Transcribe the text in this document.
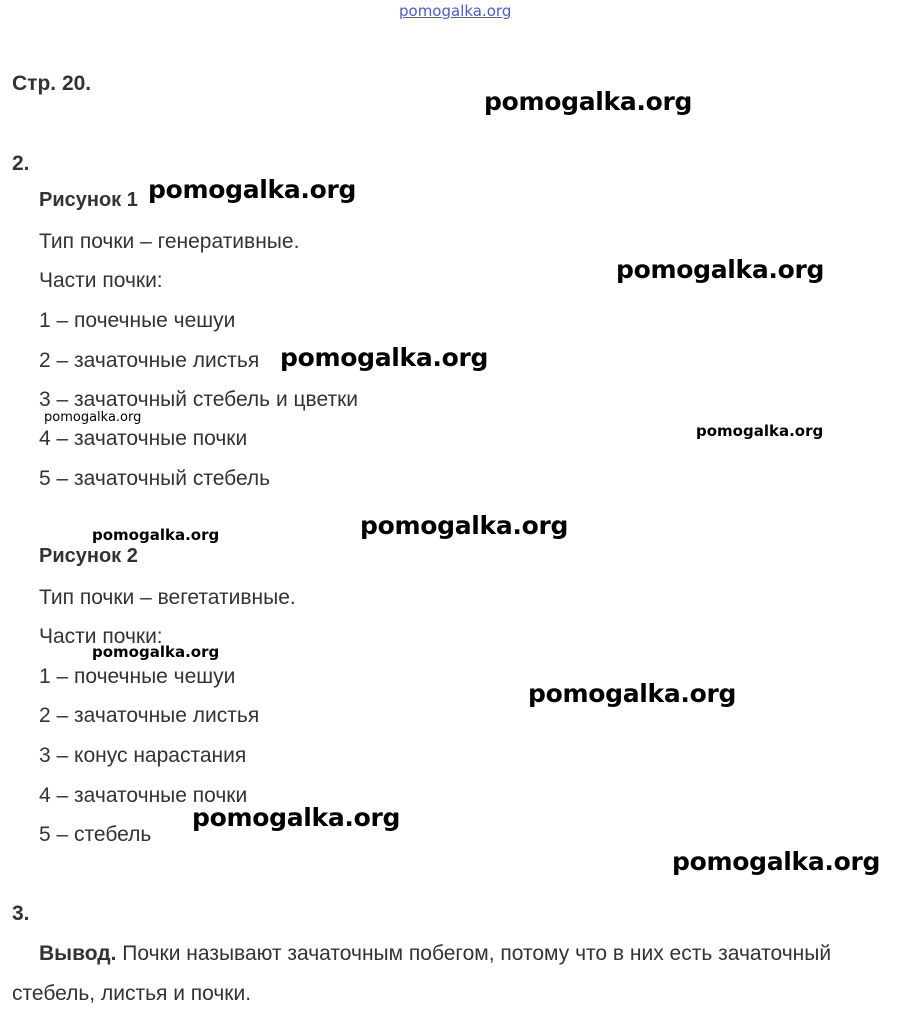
pomogalka.org
pomogalka.org
pomogalka.org
pomogalka.org
pomogalka.org
pomogalka.org
pomogalka.org
pomogalka.org
pomogalka.org
pomogalka.org
pomogalka.org
pomogalka.org
pomogalka.org
Стр. 20.
2.
Рисунок 1
Тип почки – генеративные.
Части почки:
1 – почечные чешуи
2 – зачаточные листья
3 – зачаточный стебель и цветки
4 – зачаточные почки
5 – зачаточный стебель
Рисунок 2
Тип почки – вегетативные.
Части почки:
1 – почечные чешуи
2 – зачаточные листья
3 – конус нарастания
4 – зачаточные почки
5 – стебель
3.
Вывод. Почки называют зачаточным побегом, потому что в них есть зачаточный
стебель, листья и почки.
